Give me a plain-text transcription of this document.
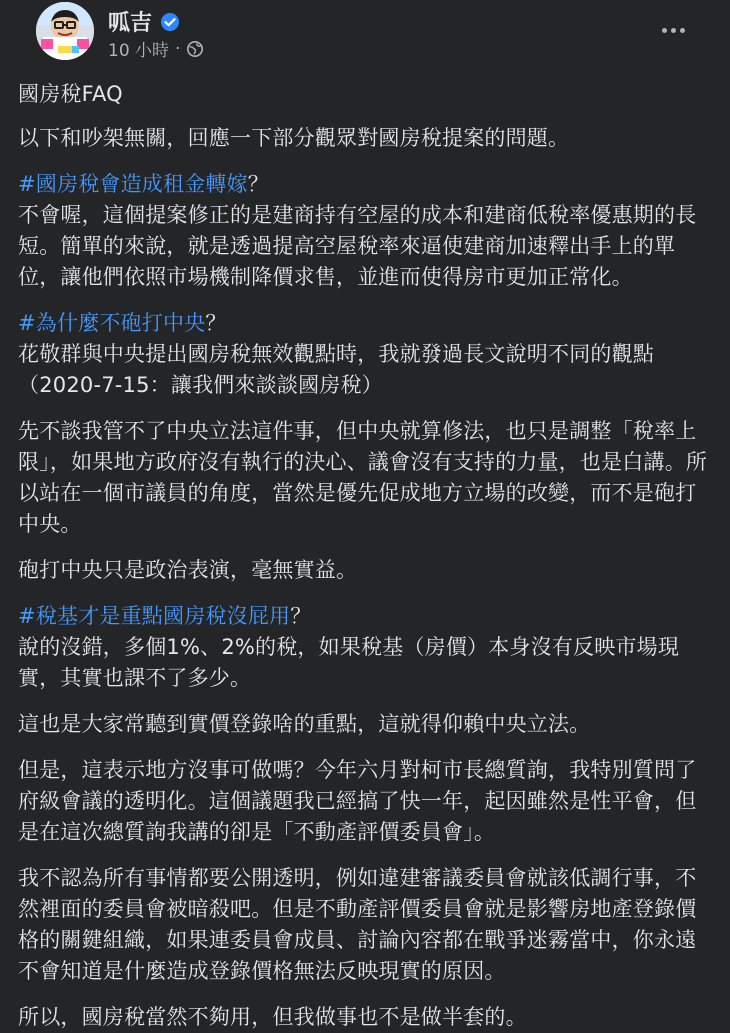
呱吉
10 小時 ·

國房稅FAQ

以下和吵架無關，回應一下部分觀眾對國房稅提案的問題。

#國房稅會造成租金轉嫁？
不會喔，這個提案修正的是建商持有空屋的成本和建商低稅率優惠期的長短。簡單的來說，就是透過提高空屋稅率來逼使建商加速釋出手上的單位，讓他們依照市場機制降價求售，並進而使得房市更加正常化。
#為什麼不砲打中央？
花敬群與中央提出國房稅無效觀點時，我就發過長文說明不同的觀點（2020-7-15：讓我們來談談國房稅）

先不談我管不了中央立法這件事，但中央就算修法，也只是調整「稅率上限」，如果地方政府沒有執行的決心、議會沒有支持的力量，也是白講。所以站在一個市議員的角度，當然是優先促成地方立場的改變，而不是砲打中央。

砲打中央只是政治表演，毫無實益。

#稅基才是重點國房稅沒屁用？
說的沒錯，多個1%、2%的稅，如果稅基（房價）本身沒有反映市場現實，其實也課不了多少。

這也是大家常聽到實價登錄啥的重點，這就得仰賴中央立法。

但是，這表示地方沒事可做嗎？今年六月對柯市長總質詢，我特別質問了府級會議的透明化。這個議題我已經搞了快一年，起因雖然是性平會，但是在這次總質詢我講的卻是「不動產評價委員會」。

我不認為所有事情都要公開透明，例如違建審議委員會就該低調行事，不然裡面的委員會被暗殺吧。但是不動產評價委員會就是影響房地產登錄價格的關鍵組織，如果連委員會成員、討論內容都在戰爭迷霧當中，你永遠不會知道是什麼造成登錄價格無法反映現實的原因。

所以，國房稅當然不夠用，但我做事也不是做半套的。
